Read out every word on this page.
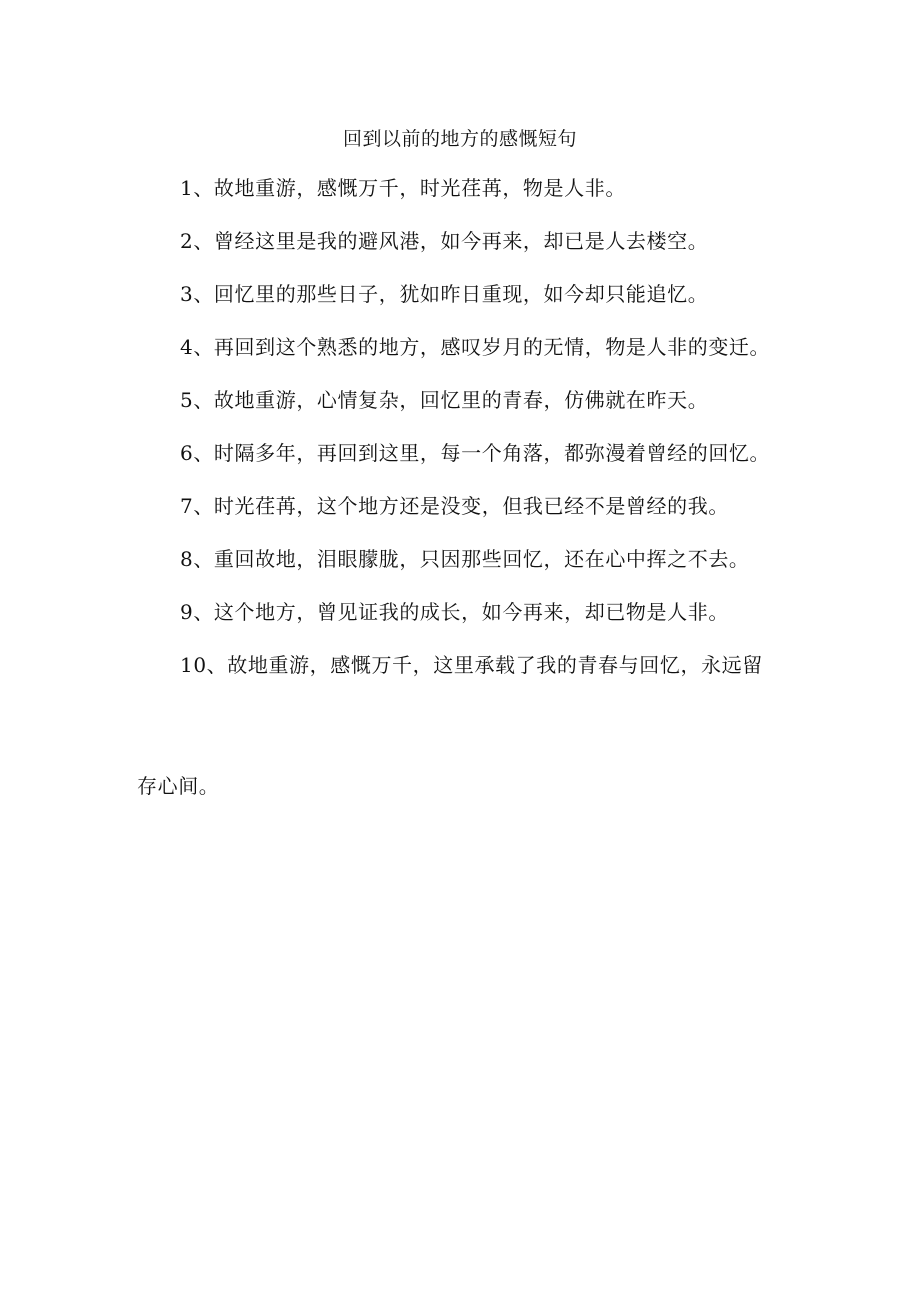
回到以前的地方的感慨短句
1、故地重游，感慨万千，时光荏苒，物是人非。
2、曾经这里是我的避风港，如今再来，却已是人去楼空。
3、回忆里的那些日子，犹如昨日重现，如今却只能追忆。
4、再回到这个熟悉的地方，感叹岁月的无情，物是人非的变迁。
5、故地重游，心情复杂，回忆里的青春，仿佛就在昨天。
6、时隔多年，再回到这里，每一个角落，都弥漫着曾经的回忆。
7、时光荏苒，这个地方还是没变，但我已经不是曾经的我。
8、重回故地，泪眼朦胧，只因那些回忆，还在心中挥之不去。
9、这个地方，曾见证我的成长，如今再来，却已物是人非。
10、故地重游，感慨万千，这里承载了我的青春与回忆，永远留

存心间。
